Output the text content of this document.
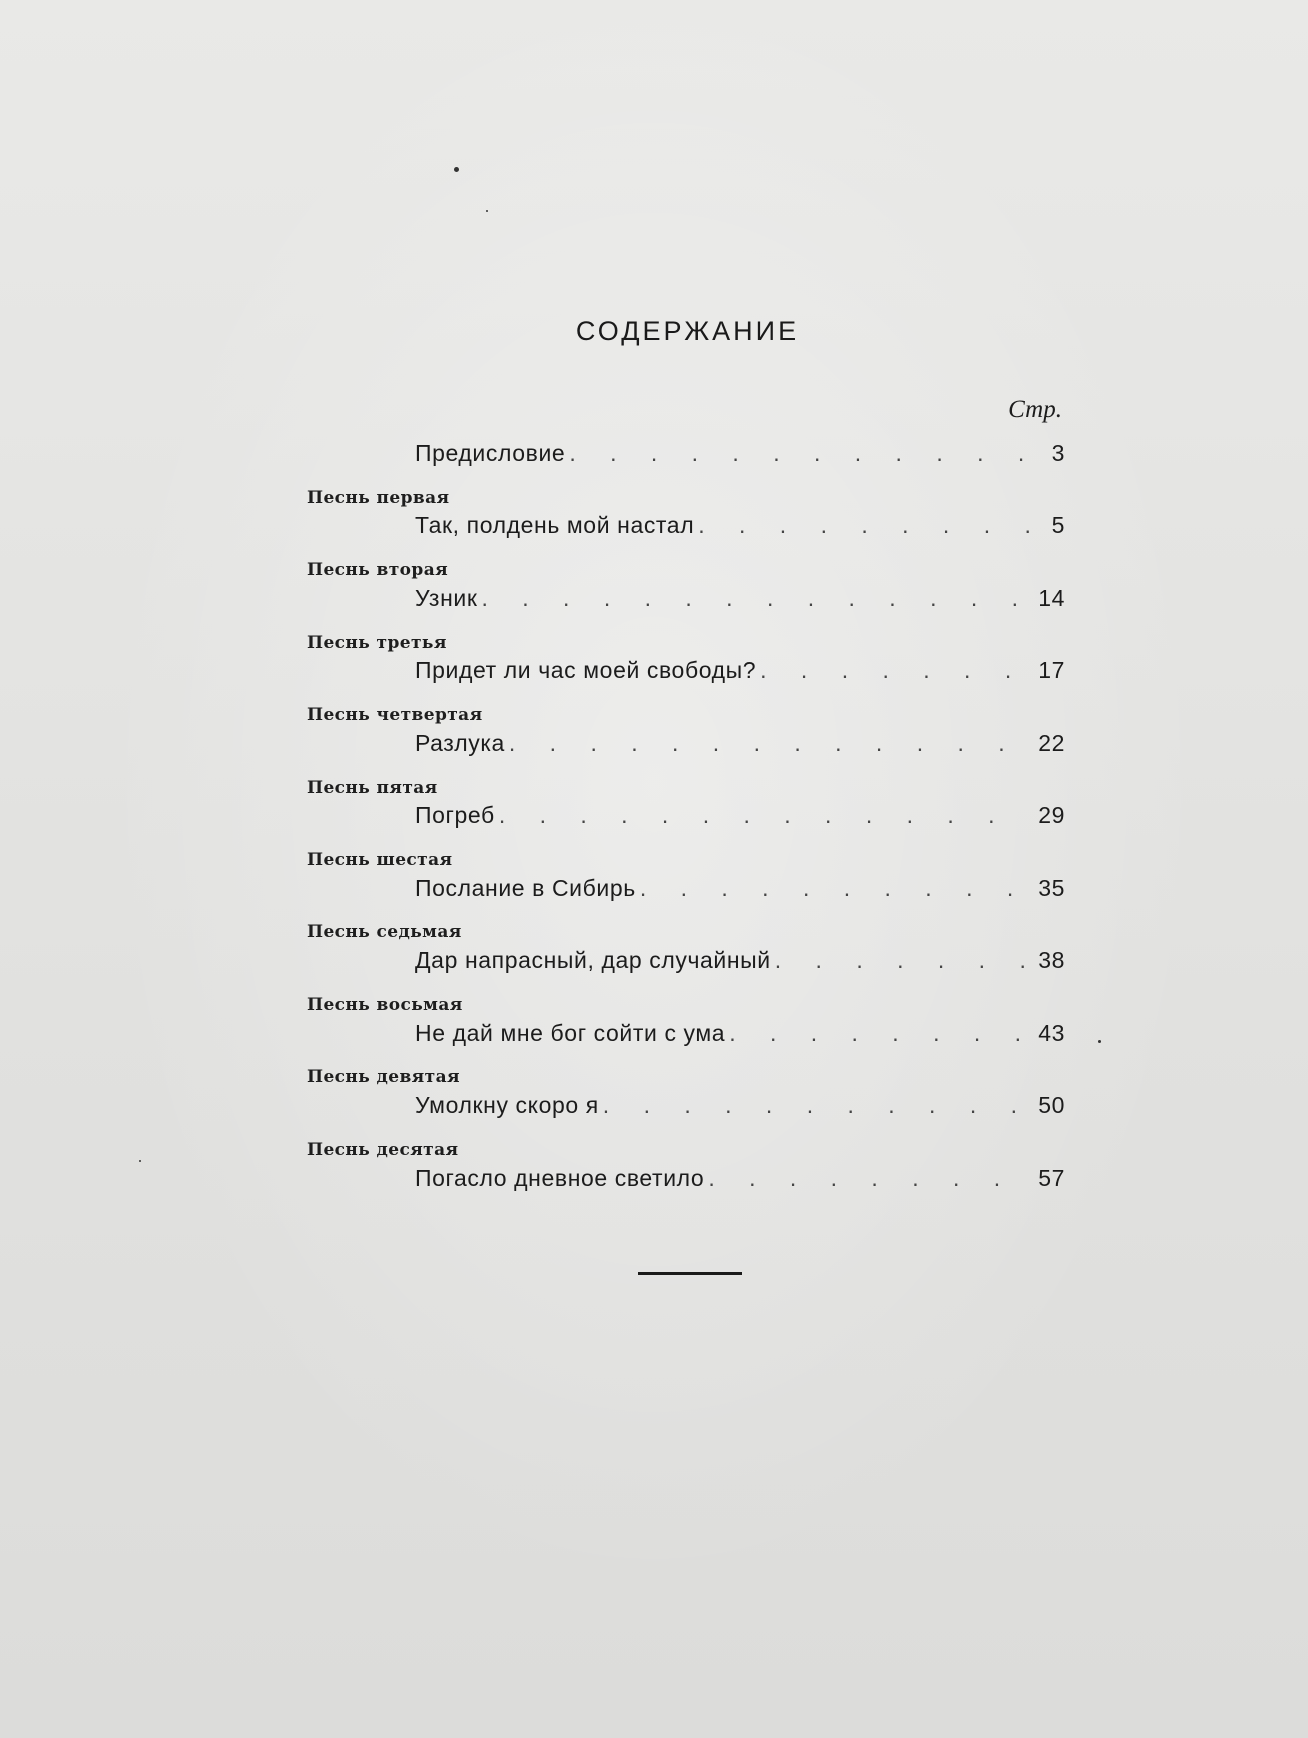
СОДЕРЖАНИЕ
Стр.
Предисловие . . .	3
Песнь первая
Так, полдень мой настал . . .	5
Песнь вторая
Узник . . .	14
Песнь третья
Придет ли час моей свободы? . . .	17
Песнь четвертая
Разлука . . .	22
Песнь пятая
Погреб . . .	29
Песнь шестая
Послание в Сибирь . . .	35
Песнь седьмая
Дар напрасный, дар случайный . . .	38
Песнь восьмая
Не дай мне бог сойти с ума . . .	43
Песнь девятая
Умолкну скоро я . . .	50
Песнь десятая
Погасло дневное светило . . .	57
